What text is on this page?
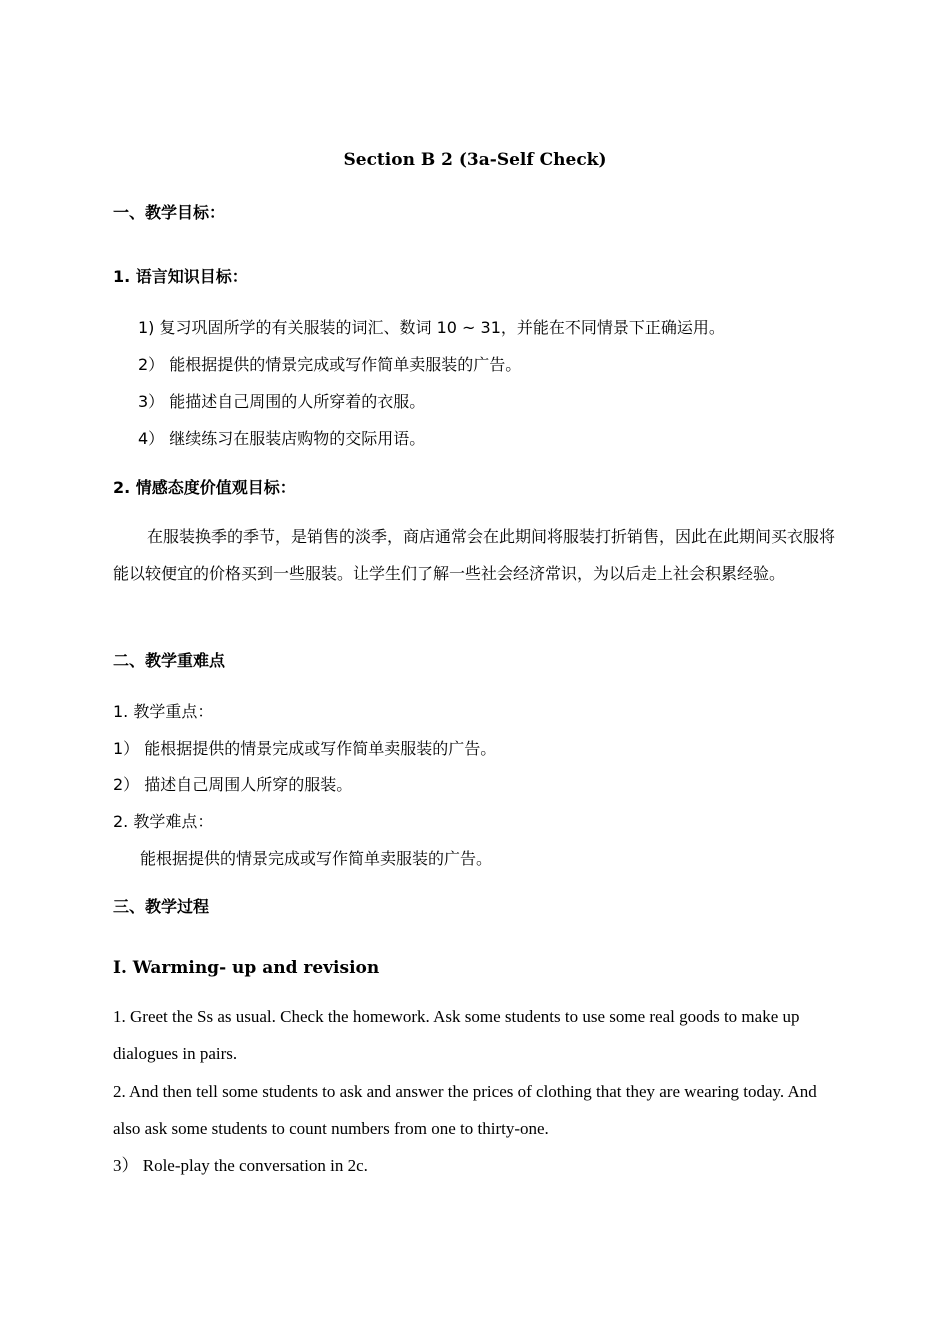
Section B 2 (3a-Self Check)
一、教学目标：
1. 语言知识目标：
1) 复习巩固所学的有关服装的词汇、数词 10 ~ 31，并能在不同情景下正确运用。
2） 能根据提供的情景完成或写作简单卖服装的广告。
3） 能描述自己周围的人所穿着的衣服。
4） 继续练习在服装店购物的交际用语。
2. 情感态度价值观目标：
在服装换季的季节，是销售的淡季，商店通常会在此期间将服装打折销售，因此在此期间买衣服将能以较便宜的价格买到一些服装。让学生们了解一些社会经济常识，为以后走上社会积累经验。
二、教学重难点
1. 教学重点：
1） 能根据提供的情景完成或写作简单卖服装的广告。
2） 描述自己周围人所穿的服装。
2. 教学难点：
能根据提供的情景完成或写作简单卖服装的广告。
三、教学过程
Ⅰ. Warming- up and revision
1. Greet the Ss as usual. Check the homework. Ask some students to use some real goods to make up dialogues in pairs.
2. And then tell some students to ask and answer the prices of clothing that they are wearing today. And also ask some students to count numbers from one to thirty-one.
3） Role-play the conversation in 2c.
